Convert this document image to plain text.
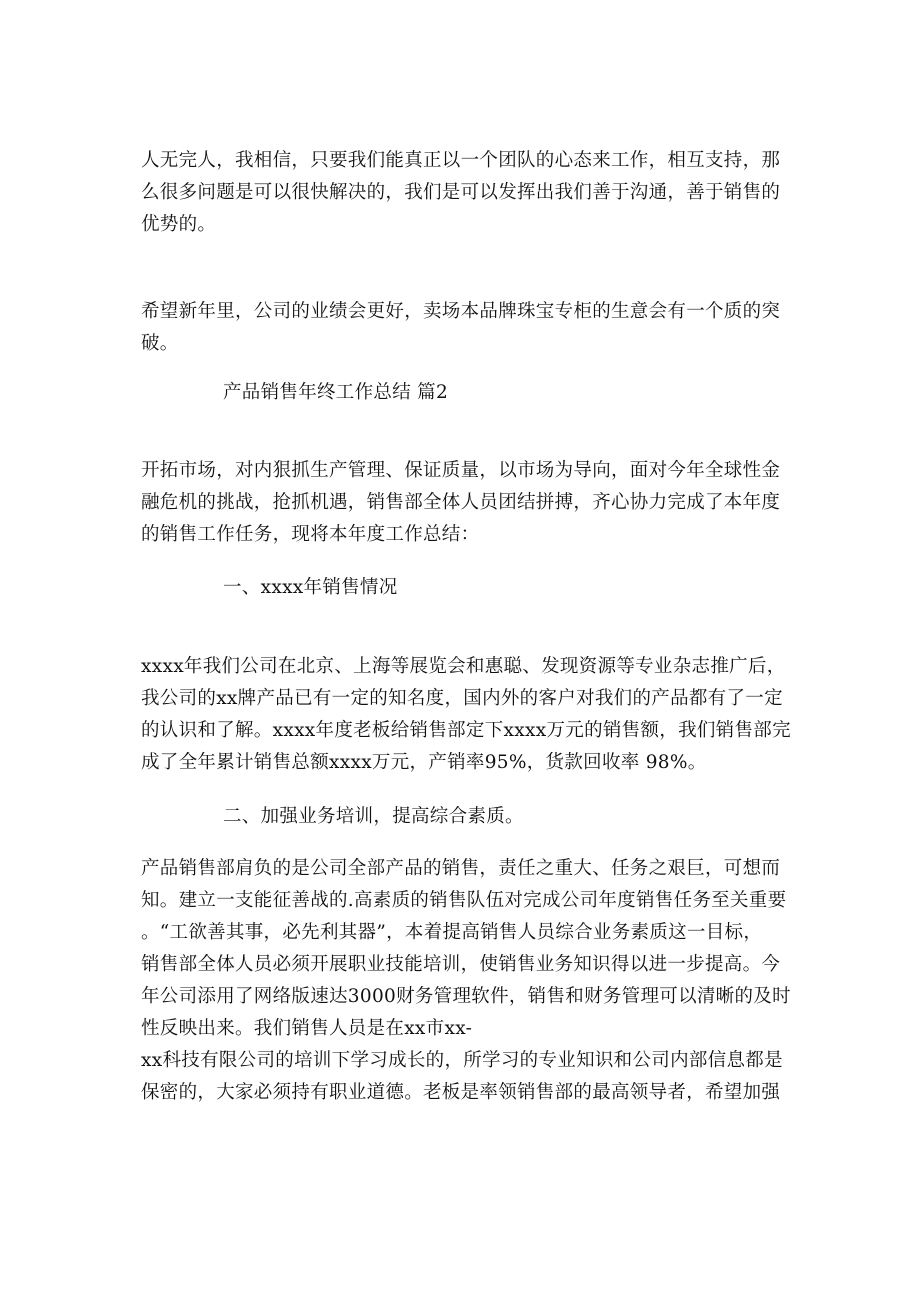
人无完人，我相信，只要我们能真正以一个团队的心态来工作，相互支持，那
么很多问题是可以很快解决的，我们是可以发挥出我们善于沟通，善于销售的
优势的。
希望新年里，公司的业绩会更好，卖场本品牌珠宝专柜的生意会有一个质的突
破。
产品销售年终工作总结 篇2
开拓市场，对内狠抓生产管理、保证质量，以市场为导向，面对今年全球性金
融危机的挑战，抢抓机遇，销售部全体人员团结拼搏，齐心协力完成了本年度
的销售工作任务，现将本年度工作总结：
一、xxxx年销售情况
xxxx年我们公司在北京、上海等展览会和惠聪、发现资源等专业杂志推广后，
我公司的xx牌产品已有一定的知名度，国内外的客户对我们的产品都有了一定
的认识和了解。xxxx年度老板给销售部定下xxxx万元的销售额，我们销售部完
成了全年累计销售总额xxxx万元，产销率95%，货款回收率 98%。
二、加强业务培训，提高综合素质。
产品销售部肩负的是公司全部产品的销售，责任之重大、任务之艰巨，可想而
知。建立一支能征善战的.高素质的销售队伍对完成公司年度销售任务至关重要
。“工欲善其事，必先利其器”，本着提高销售人员综合业务素质这一目标，
销售部全体人员必须开展职业技能培训，使销售业务知识得以进一步提高。今
年公司添用了网络版速达3000财务管理软件，销售和财务管理可以清晰的及时
性反映出来。我们销售人员是在xx市xx-
xx科技有限公司的培训下学习成长的，所学习的专业知识和公司内部信息都是
保密的，大家必须持有职业道德。老板是率领销售部的最高领导者，希望加强
